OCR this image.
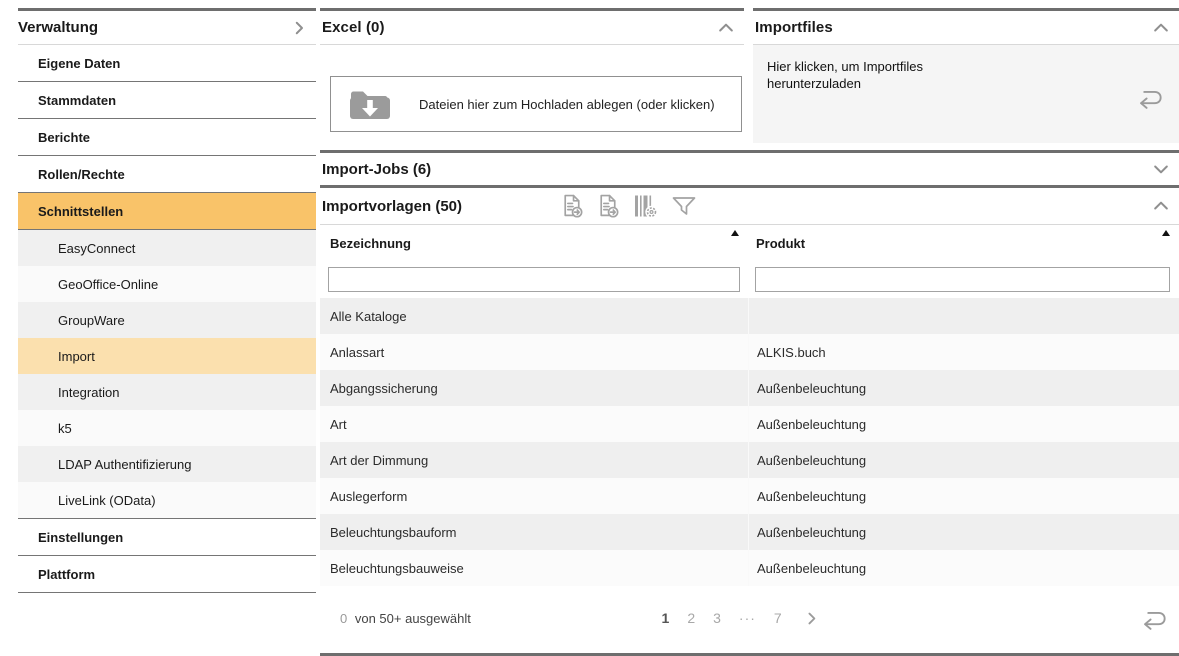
Verwaltung
Eigene Daten
Stammdaten
Berichte
Rollen/Rechte
Schnittstellen
EasyConnect
GeoOffice-Online
GroupWare
Import
Integration
k5
LDAP Authentifizierung
LiveLink (OData)
Einstellungen
Plattform
Excel (0)
Dateien hier zum Hochladen ablegen (oder klicken)
Importfiles
Hier klicken, um Importfiles herunterzuladen
Import-Jobs (6)
Importvorlagen (50)
Bezeichnung	Produkt
Alle Kataloge
Anlassart	ALKIS.buch
Abgangssicherung	Außenbeleuchtung
Art	Außenbeleuchtung
Art der Dimmung	Außenbeleuchtung
Auslegerform	Außenbeleuchtung
Beleuchtungsbauform	Außenbeleuchtung
Beleuchtungsbauweise	Außenbeleuchtung
0 von 50+ ausgewählt	1 2 3 ··· 7
